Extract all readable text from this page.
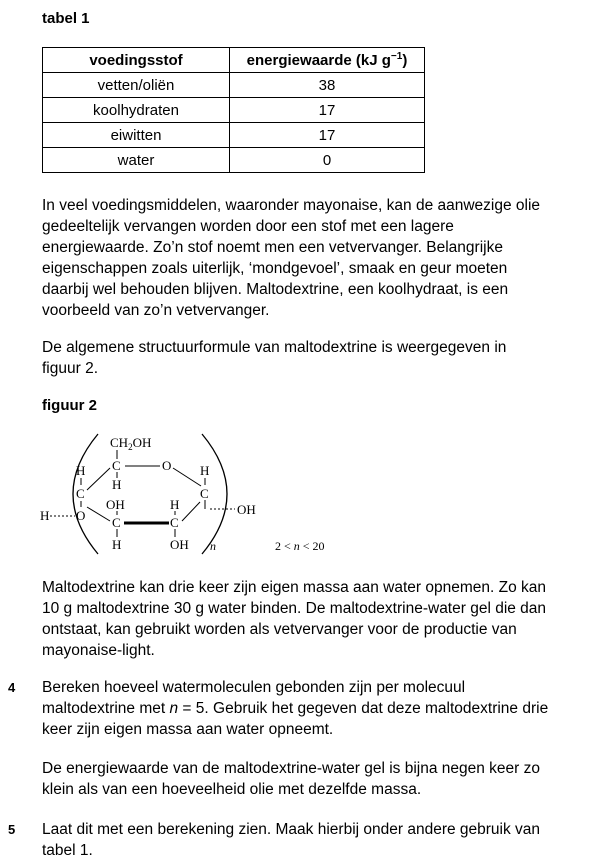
tabel 1
voedingsstof	energiewaarde (kJ $g^{-1}$)
vetten/oliën	38
koolhydraten	17
eiwitten	17
water	0
In veel voedingsmiddelen, waaronder mayonaise, kan de aanwezige olie
gedeeltelijk vervangen worden door een stof met een lagere
energiewaarde. Zo’n stof noemt men een vetvervanger. Belangrijke
eigenschappen zoals uiterlijk, ‘mondgevoel’, smaak en geur moeten
daarbij wel behouden blijven. Maltodextrine, een koolhydraat, is een
voorbeeld van zo’n vetvervanger.
De algemene structuurformule van maltodextrine is weergegeven in
figuur 2.
figuur 2
$CH_2OH$
C
H
O
H
C
O
H
H
C
OH
OH
C
H
H
C
OH n	2 < n < 20
Maltodextrine kan drie keer zijn eigen massa aan water opnemen. Zo kan
10 g maltodextrine 30 g water binden. De maltodextrine-water gel die dan
ontstaat, kan gebruikt worden als vetvervanger voor de productie van
mayonaise-light.
4 Bereken hoeveel watermoleculen gebonden zijn per molecuul
maltodextrine met n = 5. Gebruik het gegeven dat deze maltodextrine drie
keer zijn eigen massa aan water opneemt.
De energiewaarde van de maltodextrine-water gel is bijna negen keer zo
klein als van een hoeveelheid olie met dezelfde massa.
5 Laat dit met een berekening zien. Maak hierbij onder andere gebruik van
tabel 1.
